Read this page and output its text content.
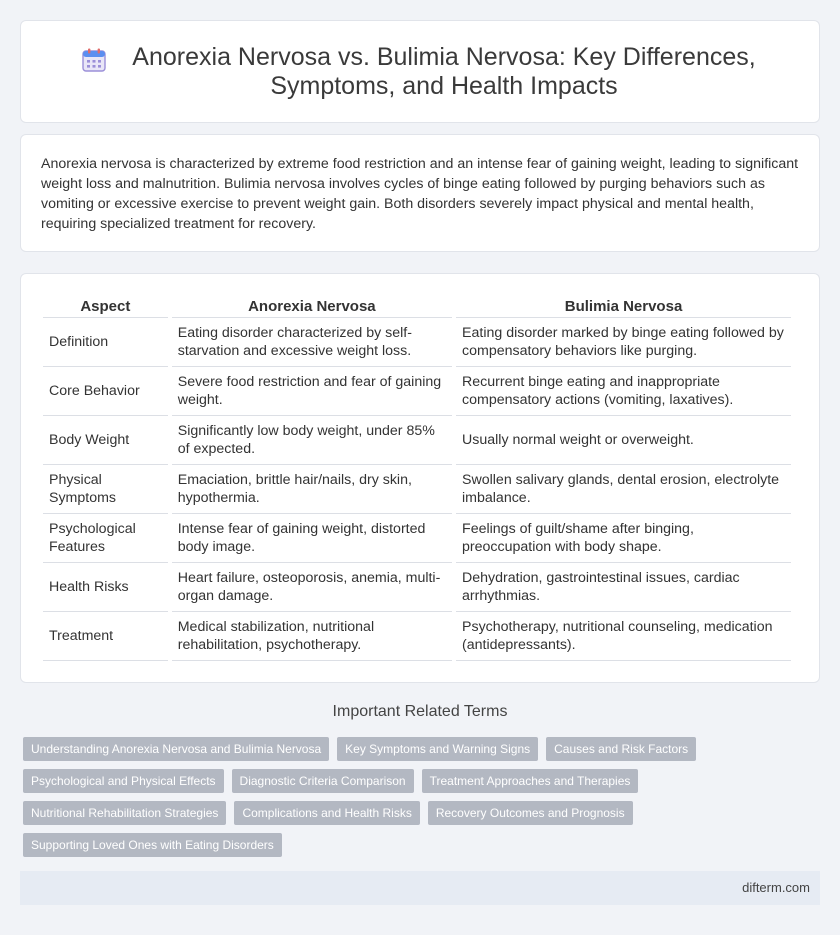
Anorexia Nervosa vs. Bulimia Nervosa: Key Differences, Symptoms, and Health Impacts

Anorexia nervosa is characterized by extreme food restriction and an intense fear of gaining weight, leading to significant weight loss and malnutrition. Bulimia nervosa involves cycles of binge eating followed by purging behaviors such as vomiting or excessive exercise to prevent weight gain. Both disorders severely impact physical and mental health, requiring specialized treatment for recovery.

Aspect	Anorexia Nervosa	Bulimia Nervosa
Definition	Eating disorder characterized by self-starvation and excessive weight loss.	Eating disorder marked by binge eating followed by compensatory behaviors like purging.
Core Behavior	Severe food restriction and fear of gaining weight.	Recurrent binge eating and inappropriate compensatory actions (vomiting, laxatives).
Body Weight	Significantly low body weight, under 85% of expected.	Usually normal weight or overweight.
Physical Symptoms	Emaciation, brittle hair/nails, dry skin, hypothermia.	Swollen salivary glands, dental erosion, electrolyte imbalance.
Psychological Features	Intense fear of gaining weight, distorted body image.	Feelings of guilt/shame after binging, preoccupation with body shape.
Health Risks	Heart failure, osteoporosis, anemia, multi-organ damage.	Dehydration, gastrointestinal issues, cardiac arrhythmias.
Treatment	Medical stabilization, nutritional rehabilitation, psychotherapy.	Psychotherapy, nutritional counseling, medication (antidepressants).
Important Related Terms
Understanding Anorexia Nervosa and Bulimia Nervosa	Key Symptoms and Warning Signs	Causes and Risk Factors
Psychological and Physical Effects	Diagnostic Criteria Comparison	Treatment Approaches and Therapies
Nutritional Rehabilitation Strategies	Complications and Health Risks	Recovery Outcomes and Prognosis
Supporting Loved Ones with Eating Disorders
difterm.com
